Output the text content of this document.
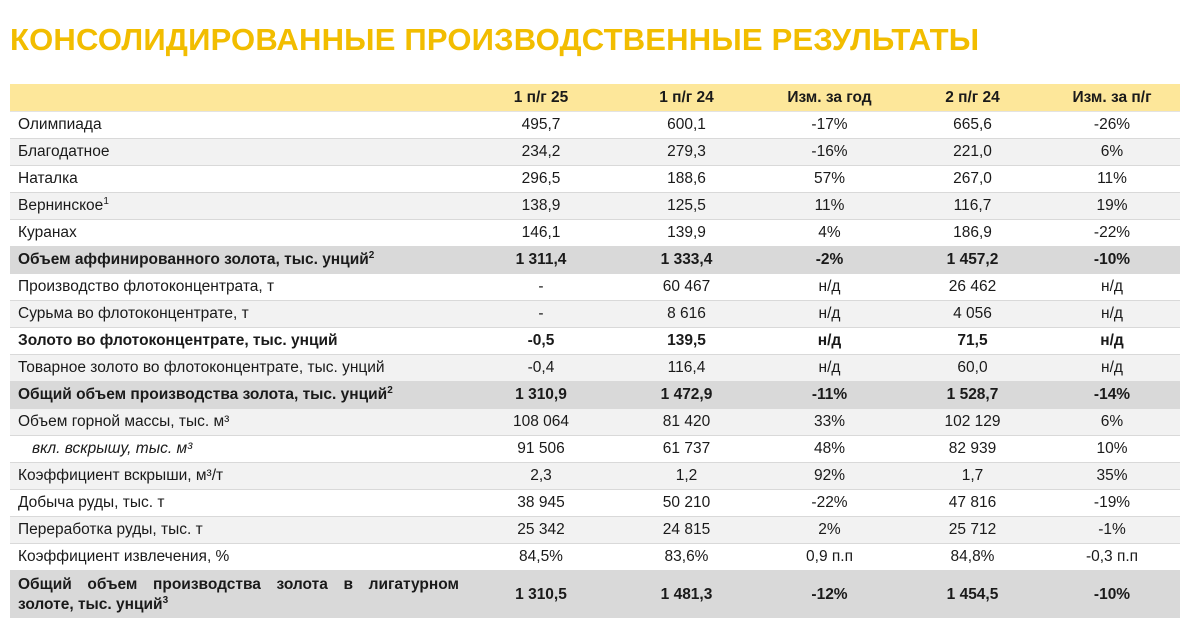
КОНСОЛИДИРОВАННЫЕ ПРОИЗВОДСТВЕННЫЕ РЕЗУЛЬТАТЫ
	1 п/г 25	1 п/г 24	Изм. за год	2 п/г 24	Изм. за п/г
Олимпиада	495,7	600,1	-17%	665,6	-26%
Благодатное	234,2	279,3	-16%	221,0	6%
Наталка	296,5	188,6	57%	267,0	11%
Вернинское$^1$	138,9	125,5	11%	116,7	19%
Куранах	146,1	139,9	4%	186,9	-22%
Объем аффинированного золота, тыс. унций$^2$	1 311,4	1 333,4	-2%	1 457,2	-10%
Производство флотоконцентрата, т	-	60 467	н/д	26 462	н/д
Сурьма во флотоконцентрате, т	-	8 616	н/д	4 056	н/д
Золото во флотоконцентрате, тыс. унций	-0,5	139,5	н/д	71,5	н/д
Товарное золото во флотоконцентрате, тыс. унций	-0,4	116,4	н/д	60,0	н/д
Общий объем производства золота, тыс. унций$^2$	1 310,9	1 472,9	-11%	1 528,7	-14%
Объем горной массы, тыс. м³	108 064	81 420	33%	102 129	6%
вкл. вскрышу, тыс. м³	91 506	61 737	48%	82 939	10%
Коэффициент вскрыши, м³/т	2,3	1,2	92%	1,7	35%
Добыча руды, тыс. т	38 945	50 210	-22%	47 816	-19%
Переработка руды, тыс. т	25 342	24 815	2%	25 712	-1%
Коэффициент извлечения, %	84,5%	83,6%	0,9 п.п	84,8%	-0,3 п.п
Общий объем производства золота в лигатурном золоте, тыс. унций$^3$	1 310,5	1 481,3	-12%	1 454,5	-10%
